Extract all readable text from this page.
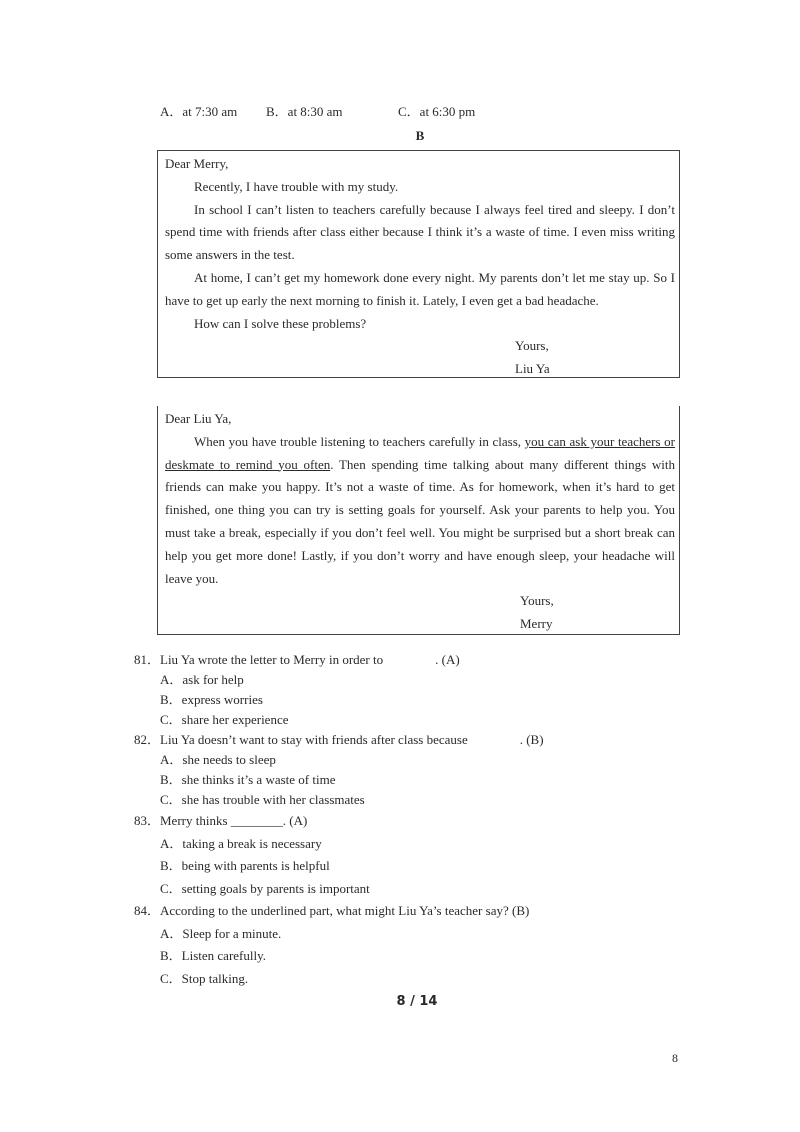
A．at 7:30 am B．at 8:30 am	C．at 6:30 pm
B

Dear Merry,

Recently, I have trouble with my study.

In school I can’t listen to teachers carefully because I always feel tired and sleepy. I don’t spend time with friends after class either because I think it’s a waste of time. I even miss writing some answers in the test.

At home, I can’t get my homework done every night. My parents don’t let me stay up. So I have to get up early the next morning to finish it. Lately, I even get a bad headache.

How can I solve these problems?

Yours,

Liu Ya

Dear Liu Ya,

When you have trouble listening to teachers carefully in class, you can ask your teachers or deskmate to remind you often. Then spending time talking about many different things with friends can make you happy. It’s not a waste of time. As for homework, when it’s hard to get finished, one thing you can try is setting goals for yourself. Ask your parents to help you. You must take a break, especially if you don’t feel well. You might be surprised but a short break can help you get more done! Lastly, if you don’t worry and have enough sleep, your headache will leave you.

Yours,

Merry

81．Liu Ya wrote the letter to Merry in order to                . (A)

A．ask for help

B．express worries

C．share her experience

82．Liu Ya doesn’t want to stay with friends after class because                . (B)

A．she needs to sleep

B．she thinks it’s a waste of time

C．she has trouble with her classmates

83．Merry thinks ________. (A)

A．taking a break is necessary

B．being with parents is helpful

C．setting goals by parents is important

84．According to the underlined part, what might Liu Ya’s teacher say? (B)

A．Sleep for a minute.

B．Listen carefully.

C．Stop talking.

8 / 14
8
